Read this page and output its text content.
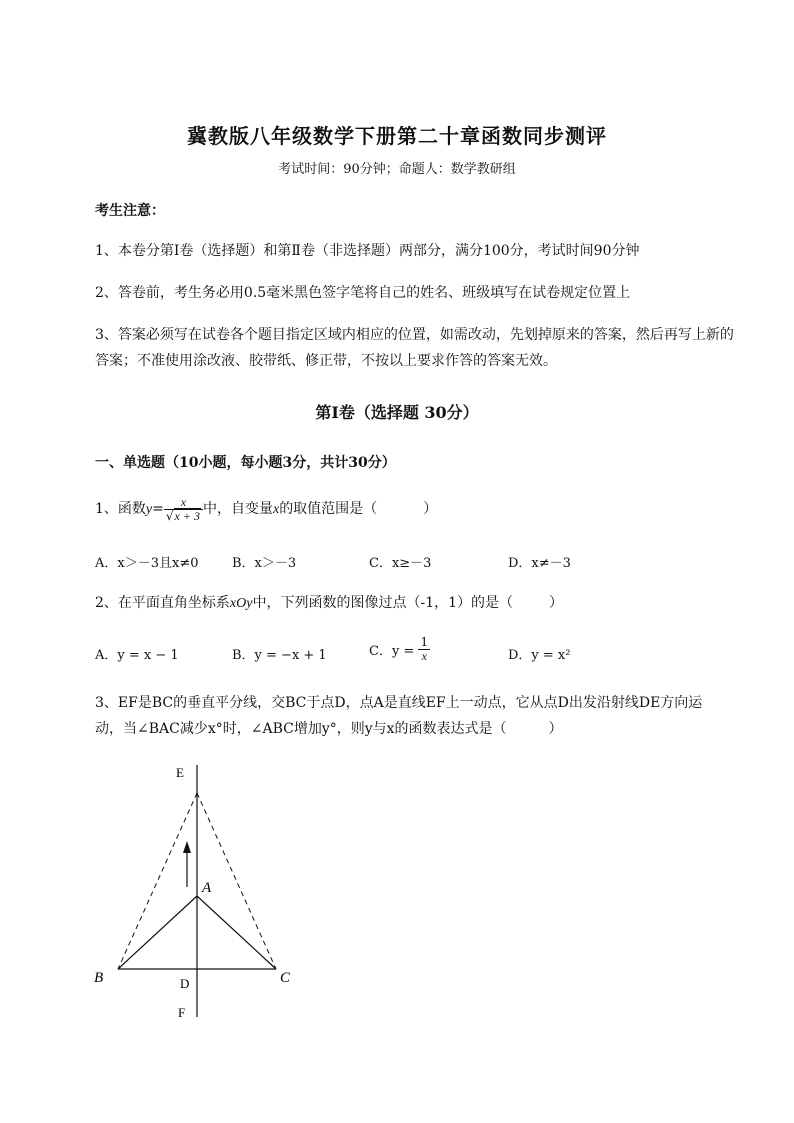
冀教版八年级数学下册第二十章函数同步测评
考试时间：90分钟；命题人：数学教研组
考生注意：
1、本卷分第I卷（选择题）和第Ⅱ卷（非选择题）两部分，满分100分，考试时间90分钟
2、答卷前，考生务必用0.5毫米黑色签字笔将自己的姓名、班级填写在试卷规定位置上
3、答案必须写在试卷各个题目指定区域内相应的位置，如需改动，先划掉原来的答案，然后再写上新的答案；不准使用涂改液、胶带纸、修正带，不按以上要求作答的答案无效。
第I卷（选择题 30分）
一、单选题（10小题，每小题3分，共计30分）
1、函数$y= \frac{x}{√x + 3}$ 中，自变量x的取值范围是（	）
A．x＞－3且x≠0	B．x＞－3	C．x≥－3	D．x≠－3
2、在平面直角坐标系xOy中，下列函数的图像过点（-1，1）的是（	）
A．y = x − 1	B．y = −x + 1	C．$y = \frac{1}{x}$	D．y = x²
3、EF是BC的垂直平分线，交BC于点D，点A是直线EF上一动点，它从点D出发沿射线DE方向运
动，当∠BAC减少x°时，∠ABC增加y°，则y与x的函数表达式是（　　　）
E
A
B	C
D
F
